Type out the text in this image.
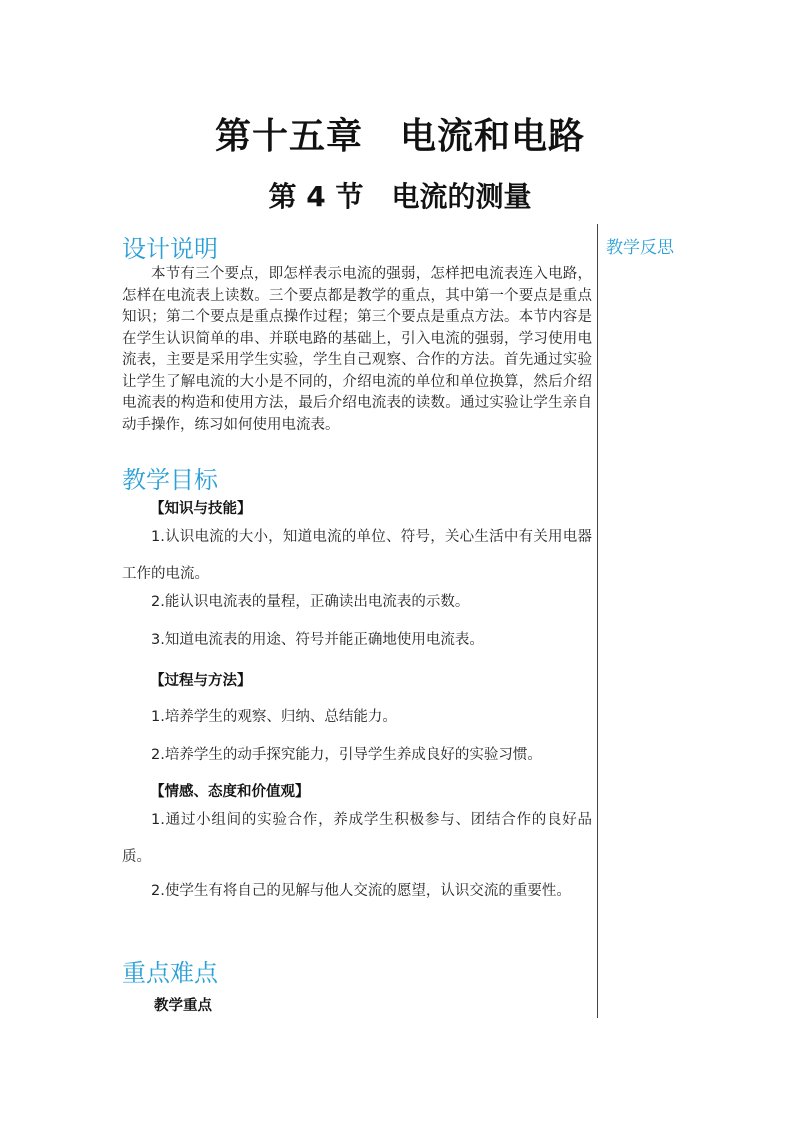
第十五章　电流和电路
第 4 节　电流的测量
教学反思
设计说明
本节有三个要点，即怎样表示电流的强弱，怎样把电流表连入电路，怎样在电流表上读数。三个要点都是教学的重点，其中第一个要点是重点知识；第二个要点是重点操作过程；第三个要点是重点方法。本节内容是在学生认识简单的串、并联电路的基础上，引入电流的强弱，学习使用电流表，主要是采用学生实验，学生自己观察、合作的方法。首先通过实验让学生了解电流的大小是不同的，介绍电流的单位和单位换算，然后介绍电流表的构造和使用方法，最后介绍电流表的读数。通过实验让学生亲自动手操作，练习如何使用电流表。
教学目标
【知识与技能】
1.认识电流的大小，知道电流的单位、符号，关心生活中有关用电器工作的电流。
2.能认识电流表的量程，正确读出电流表的示数。
3.知道电流表的用途、符号并能正确地使用电流表。
【过程与方法】
1.培养学生的观察、归纳、总结能力。
2.培养学生的动手探究能力，引导学生养成良好的实验习惯。
【情感、态度和价值观】
1.通过小组间的实验合作，养成学生积极参与、团结合作的良好品质。
2.使学生有将自己的见解与他人交流的愿望，认识交流的重要性。
重点难点
教学重点
